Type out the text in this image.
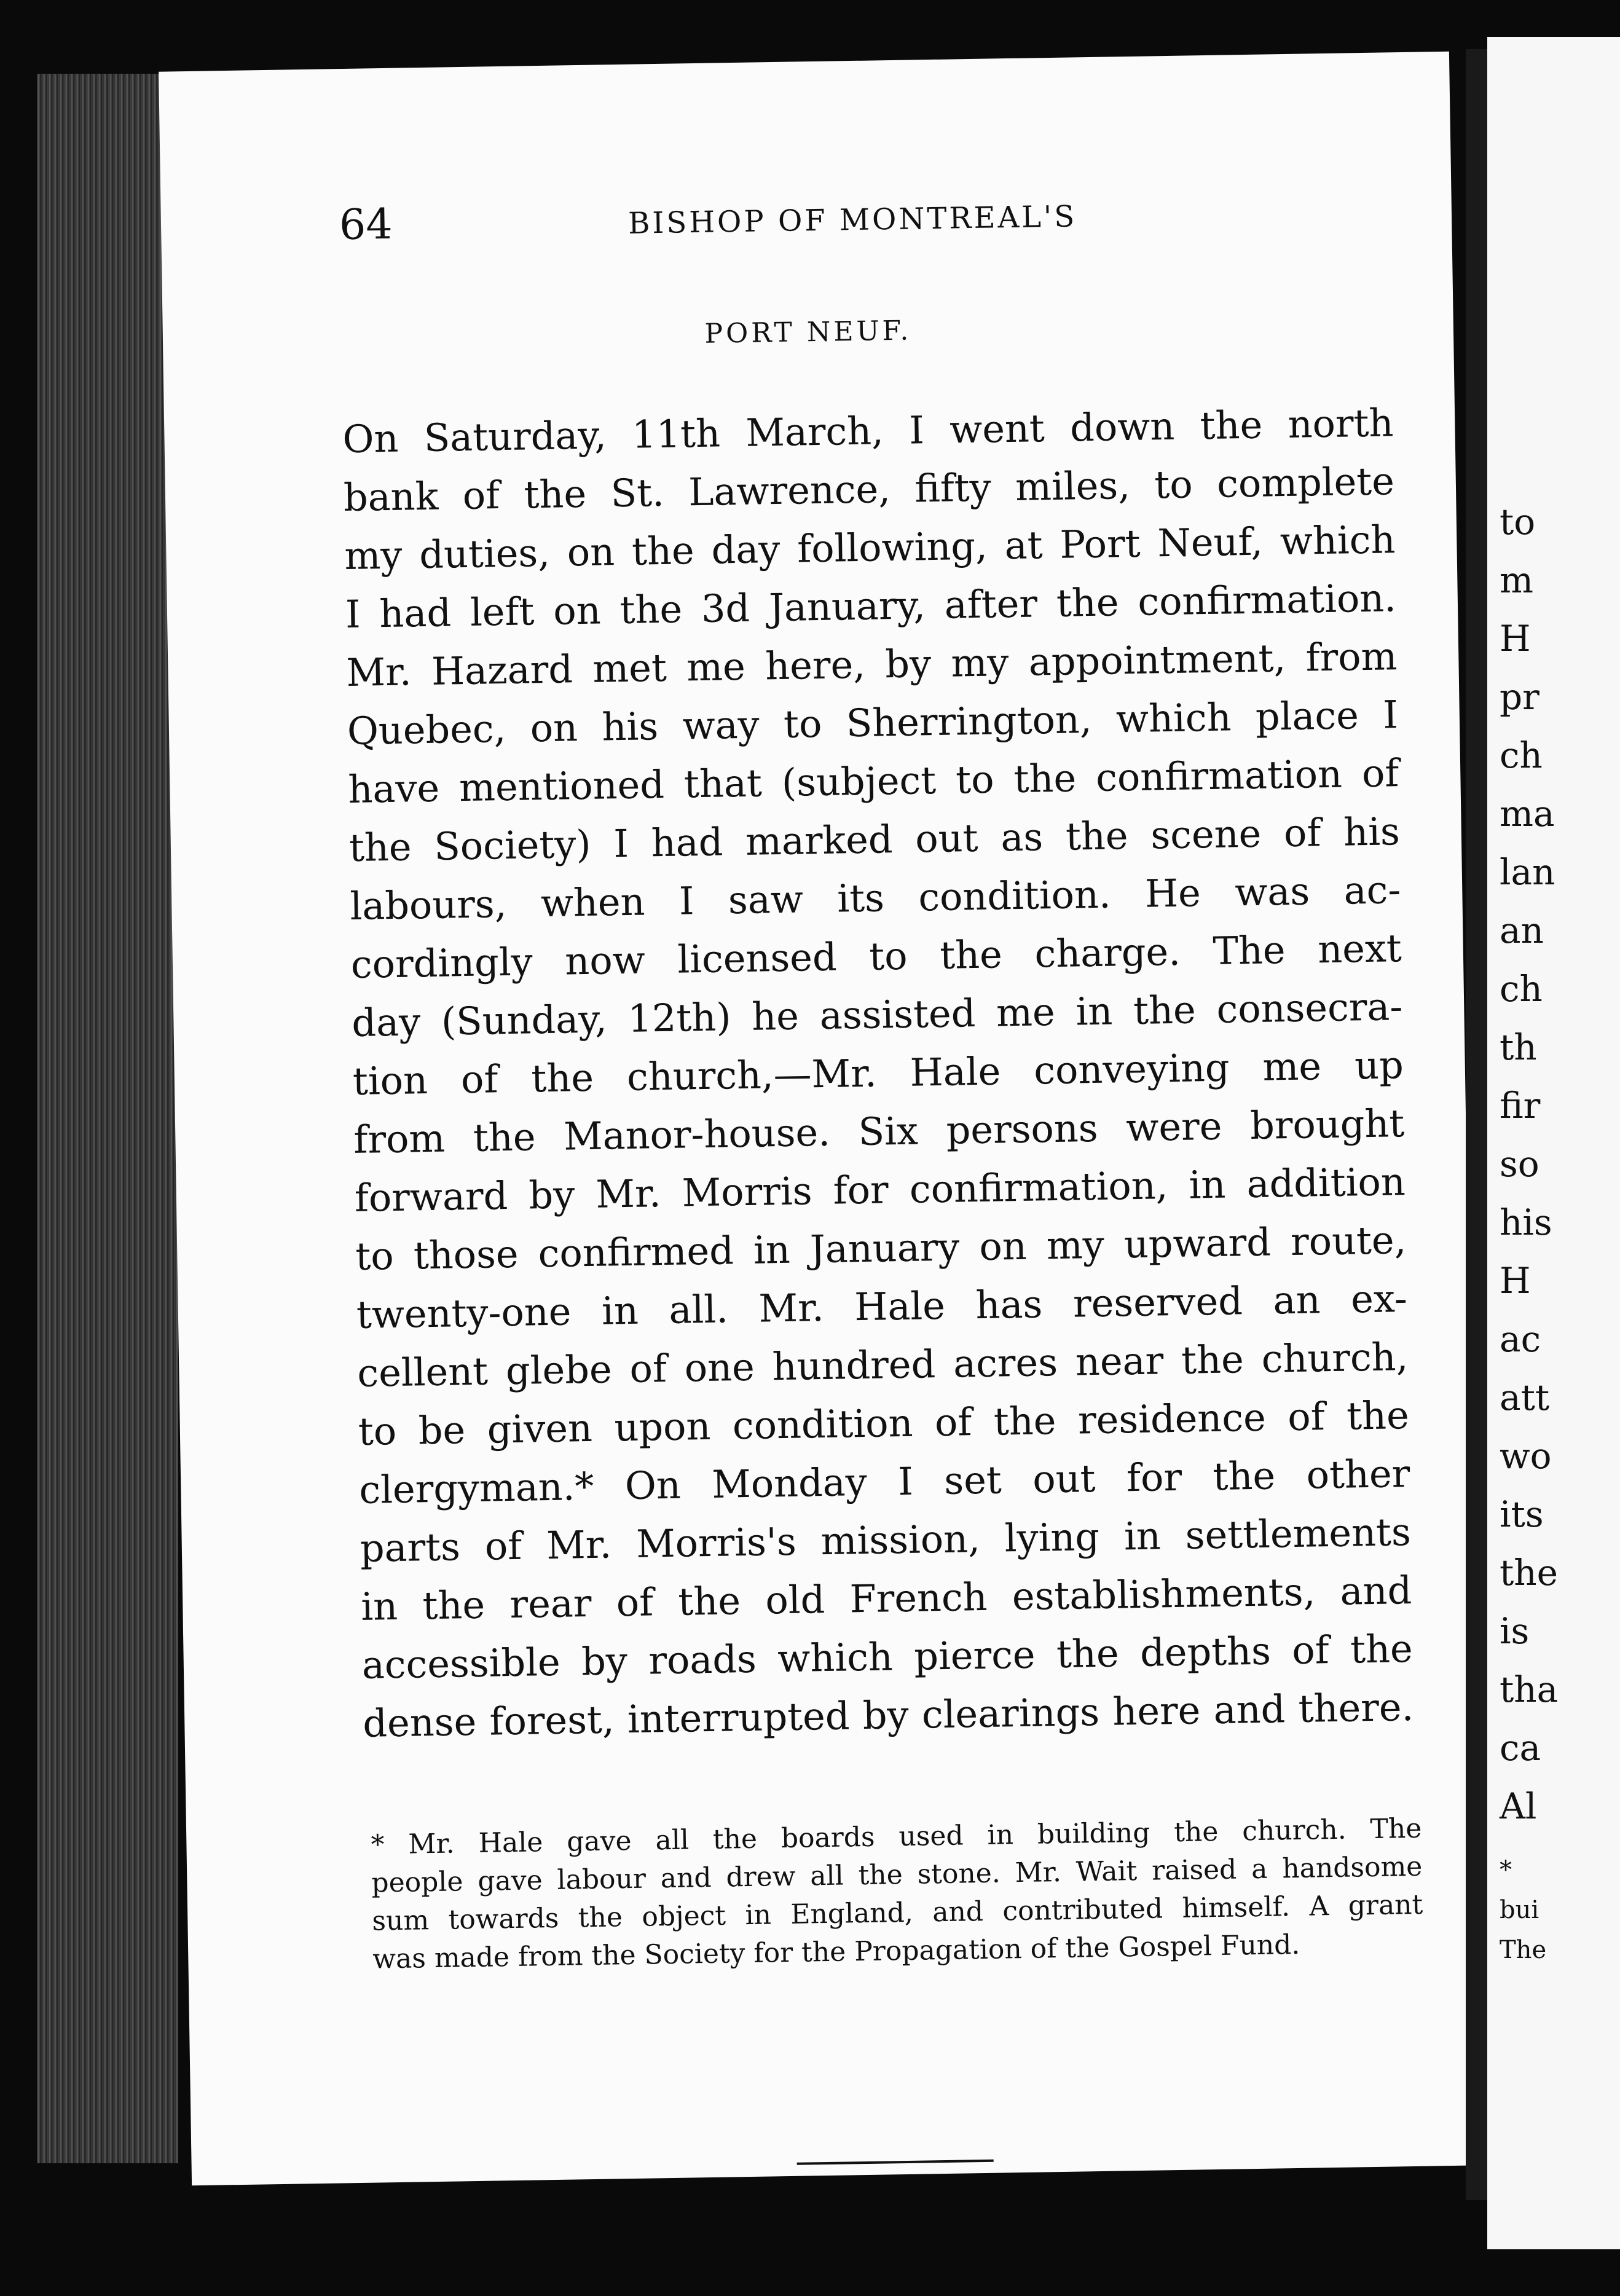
64	BISHOP OF MONTREAL'S
PORT NEUF.
On Saturday, 11th March, I went down the north
bank of the St. Lawrence, fifty miles, to complete
my duties, on the day following, at Port Neuf, which
I had left on the 3d January, after the confirmation.
Mr. Hazard met me here, by my appointment, from
Quebec, on his way to Sherrington, which place I
have mentioned that (subject to the confirmation of
the Society) I had marked out as the scene of his
labours, when I saw its condition. He was ac-
cordingly now licensed to the charge. The next
day (Sunday, 12th) he assisted me in the consecra-
tion of the church,—Mr. Hale conveying me up
from the Manor-house. Six persons were brought
forward by Mr. Morris for confirmation, in addition
to those confirmed in January on my upward route,
twenty-one in all. Mr. Hale has reserved an ex-
cellent glebe of one hundred acres near the church,
to be given upon condition of the residence of the
clergyman.* On Monday I set out for the other
parts of Mr. Morris's mission, lying in settlements
in the rear of the old French establishments, and
accessible by roads which pierce the depths of the
dense forest, interrupted by clearings here and there.
* Mr. Hale gave all the boards used in building the church. The
people gave labour and drew all the stone. Mr. Wait raised a handsome
sum towards the object in England, and contributed himself. A grant
was made from the Society for the Propagation of the Gospel Fund.
to
m
H
pr
ch
ma
lan
an
ch
th
fir
so
his
H
ac
att
wo
its
the
is
tha
ca
Al
*
bui
The
